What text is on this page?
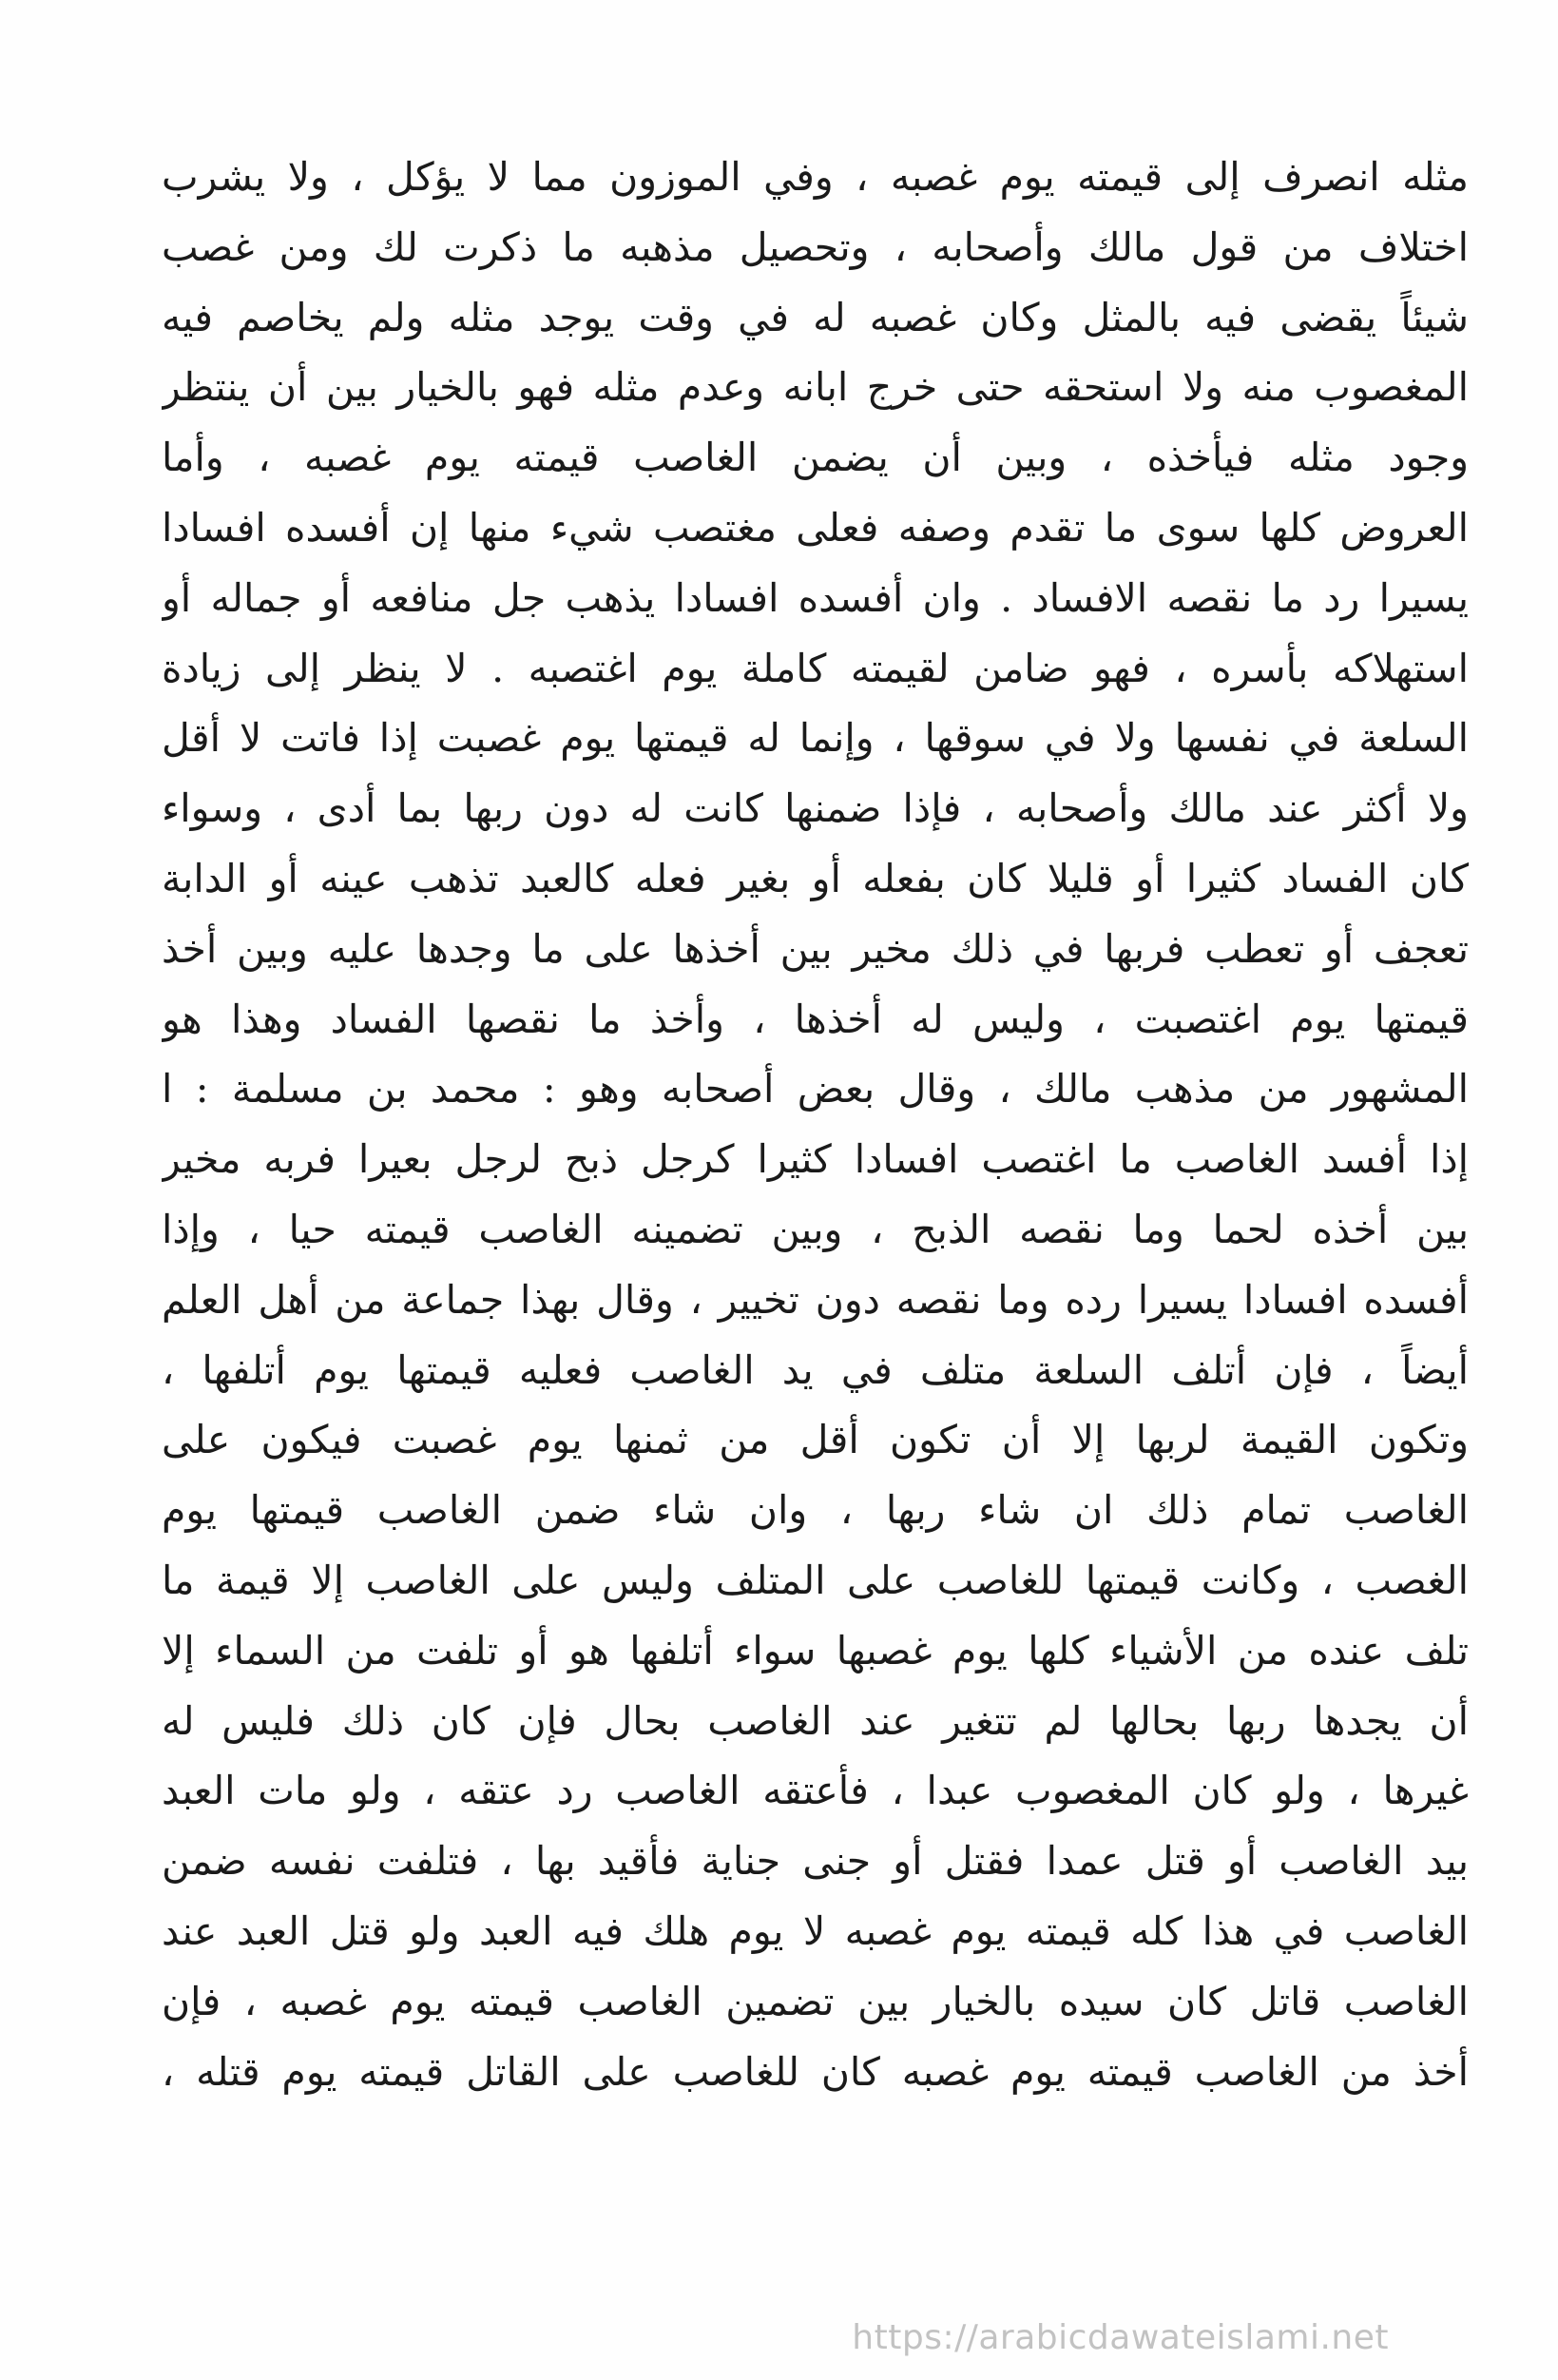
مثله انصرف إلى قيمته يوم غصبه ، وفي الموزون مما لا يؤكل ، ولا يشرب
اختلاف من قول مالك وأصحابه ، وتحصيل مذهبه ما ذكرت لك ومن غصب
شيئاً يقضى فيه بالمثل وكان غصبه له في وقت يوجد مثله ولم يخاصم فيه
المغصوب منه ولا استحقه حتى خرج ابانه وعدم مثله فهو بالخيار بين أن ينتظر
وجود مثله فيأخذه ، وبين أن يضمن الغاصب قيمته يوم غصبه ، وأما
العروض كلها سوى ما تقدم وصفه فعلى مغتصب شيء منها إن أفسده افسادا
يسيرا رد ما نقصه الافساد . وان أفسده افسادا يذهب جل منافعه أو جماله أو
استهلاكه بأسره ، فهو ضامن لقيمته كاملة يوم اغتصبه . لا ينظر إلى زيادة
السلعة في نفسها ولا في سوقها ، وإنما له قيمتها يوم غصبت إذا فاتت لا أقل
ولا أكثر عند مالك وأصحابه ، فإذا ضمنها كانت له دون ربها بما أدى ، وسواء
كان الفساد كثيرا أو قليلا كان بفعله أو بغير فعله كالعبد تذهب عينه أو الدابة
تعجف أو تعطب فربها في ذلك مخير بين أخذها على ما وجدها عليه وبين أخذ
قيمتها يوم اغتصبت ، وليس له أخذها ، وأخذ ما نقصها الفساد وهذا هو
المشهور من مذهب مالك ، وقال بعض أصحابه وهو : محمد بن مسلمة : ا
إذا أفسد الغاصب ما اغتصب افسادا كثيرا كرجل ذبح لرجل بعيرا فربه مخير
بين أخذه لحما وما نقصه الذبح ، وبين تضمينه الغاصب قيمته حيا ، وإذا
أفسده افسادا يسيرا رده وما نقصه دون تخيير ، وقال بهذا جماعة من أهل العلم
أيضاً ، فإن أتلف السلعة متلف في يد الغاصب فعليه قيمتها يوم أتلفها ،
وتكون القيمة لربها إلا أن تكون أقل من ثمنها يوم غصبت فيكون على
الغاصب تمام ذلك ان شاء ربها ، وان شاء ضمن الغاصب قيمتها يوم
الغصب ، وكانت قيمتها للغاصب على المتلف وليس على الغاصب إلا قيمة ما
تلف عنده من الأشياء كلها يوم غصبها سواء أتلفها هو أو تلفت من السماء إلا
أن يجدها ربها بحالها لم تتغير عند الغاصب بحال فإن كان ذلك فليس له
غيرها ، ولو كان المغصوب عبدا ، فأعتقه الغاصب رد عتقه ، ولو مات العبد
بيد الغاصب أو قتل عمدا فقتل أو جنى جناية فأقيد بها ، فتلفت نفسه ضمن
الغاصب في هذا كله قيمته يوم غصبه لا يوم هلك فيه العبد ولو قتل العبد عند
الغاصب قاتل كان سيده بالخيار بين تضمين الغاصب قيمته يوم غصبه ، فإن
أخذ من الغاصب قيمته يوم غصبه كان للغاصب على القاتل قيمته يوم قتله ،
https://arabicdawateislami.net
